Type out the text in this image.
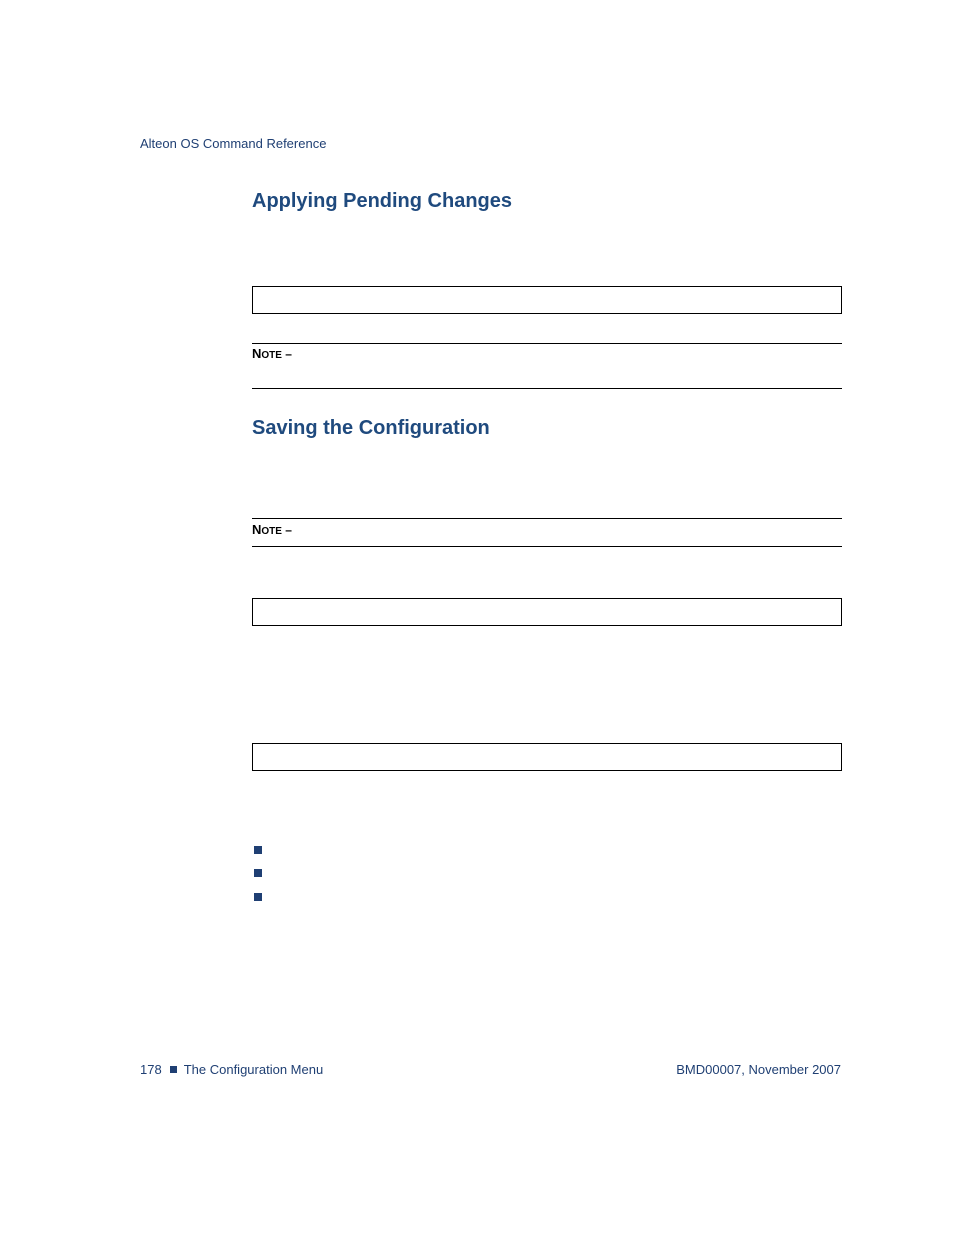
Alteon OS Command Reference
Applying Pending Changes
NOTE –
Saving the Configuration
NOTE –
178 The Configuration Menu	BMD00007, November 2007
